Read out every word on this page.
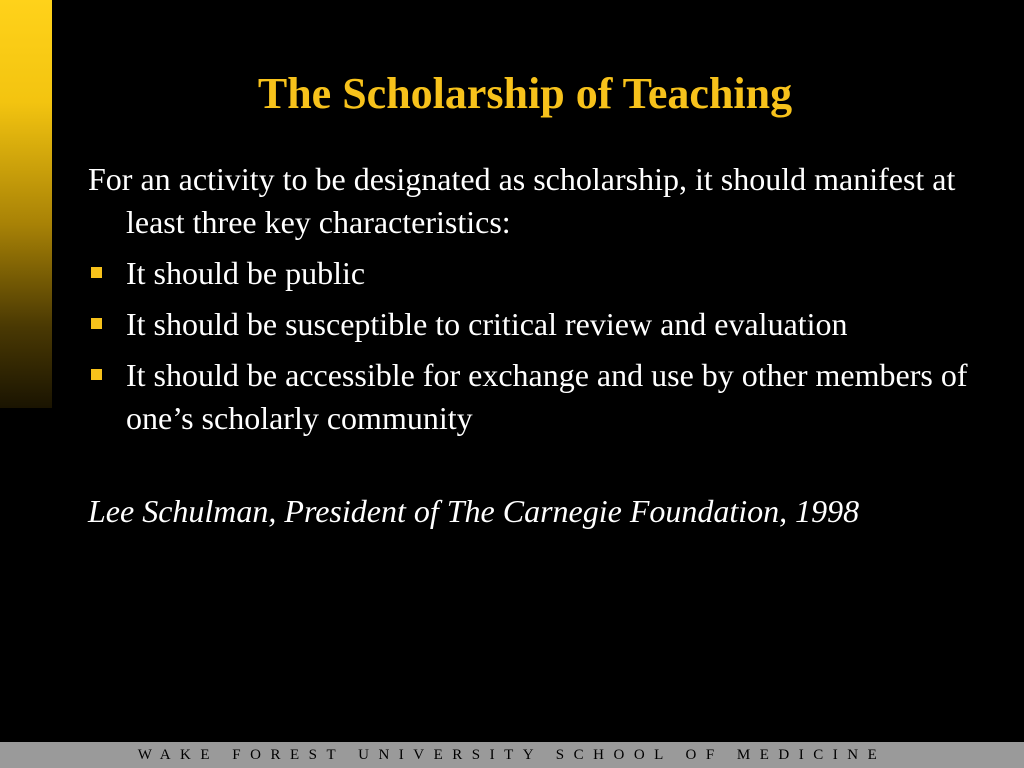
The Scholarship of Teaching

For an activity to be designated as scholarship, it should manifest at least three key characteristics:

It should be public
It should be susceptible to critical review and evaluation
It should be accessible for exchange and use by other members of one’s scholarly community

Lee Schulman, President of The Carnegie Foundation, 1998

WAKE FOREST UNIVERSITY SCHOOL OF MEDICINE
